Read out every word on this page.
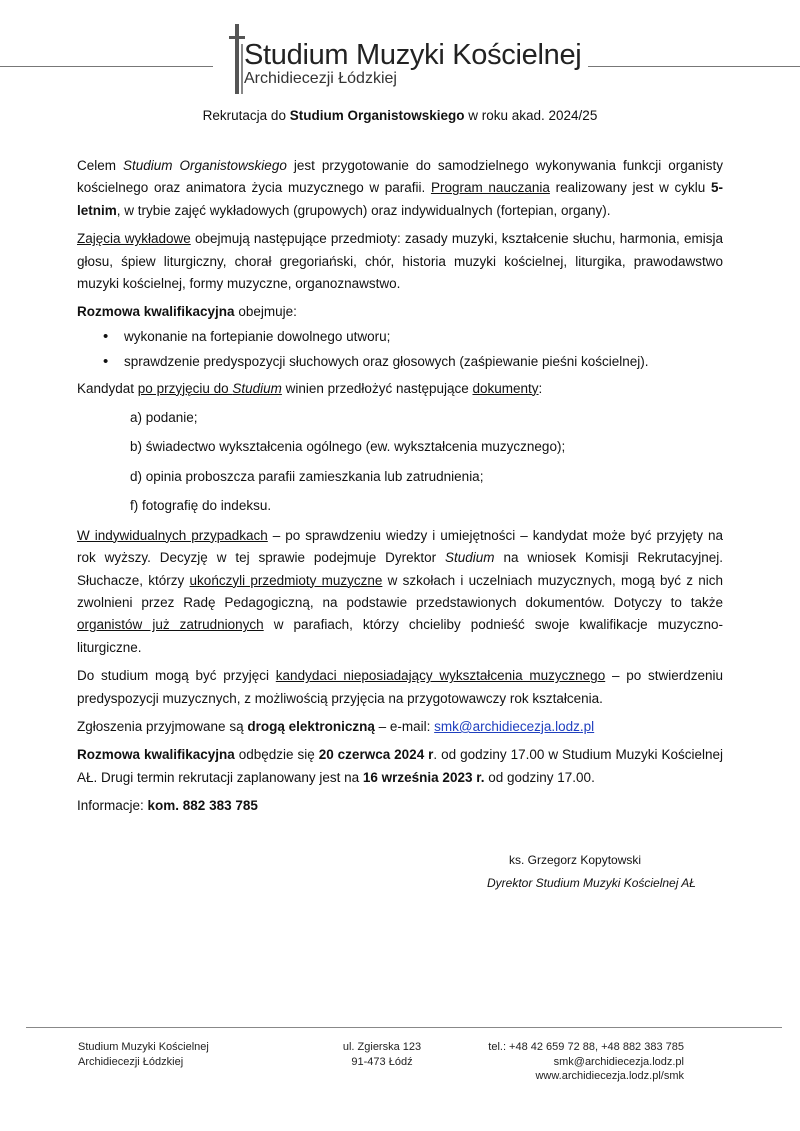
Studium Muzyki Kościelnej
Archidiecezji Łódzkiej
Rekrutacja do Studium Organistowskiego w roku akad. 2024/25

Celem Studium Organistowskiego jest przygotowanie do samodzielnego wykonywania funkcji organisty kościelnego oraz animatora życia muzycznego w parafii. Program nauczania realizowany jest w cyklu 5-letnim, w trybie zajęć wykładowych (grupowych) oraz indywidualnych (fortepian, organy).

Zajęcia wykładowe obejmują następujące przedmioty: zasady muzyki, kształcenie słuchu, harmonia, emisja głosu, śpiew liturgiczny, chorał gregoriański, chór, historia muzyki kościelnej, liturgika, prawodawstwo muzyki kościelnej, formy muzyczne, organoznawstwo.

Rozmowa kwalifikacyjna obejmuje:

• wykonanie na fortepianie dowolnego utworu;
• sprawdzenie predyspozycji słuchowych oraz głosowych (zaśpiewanie pieśni kościelnej).

Kandydat po przyjęciu do Studium winien przedłożyć następujące dokumenty:

a) podanie;
b) świadectwo wykształcenia ogólnego (ew. wykształcenia muzycznego);
d) opinia proboszcza parafii zamieszkania lub zatrudnienia;
f) fotografię do indeksu.

W indywidualnych przypadkach – po sprawdzeniu wiedzy i umiejętności – kandydat może być przyjęty na rok wyższy. Decyzję w tej sprawie podejmuje Dyrektor Studium na wniosek Komisji Rekrutacyjnej. Słuchacze, którzy ukończyli przedmioty muzyczne w szkołach i uczelniach muzycznych, mogą być z nich zwolnieni przez Radę Pedagogiczną, na podstawie przedstawionych dokumentów. Dotyczy to także organistów już zatrudnionych w parafiach, którzy chcieliby podnieść swoje kwalifikacje muzyczno-liturgiczne.

Do studium mogą być przyjęci kandydaci nieposiadający wykształcenia muzycznego – po stwierdzeniu predyspozycji muzycznych, z możliwością przyjęcia na przygotowawczy rok kształcenia.

Zgłoszenia przyjmowane są drogą elektroniczną – e-mail: smk@archidiecezja.lodz.pl

Rozmowa kwalifikacyjna odbędzie się 20 czerwca 2024 r. od godziny 17.00 w Studium Muzyki Kościelnej AŁ. Drugi termin rekrutacji zaplanowany jest na 16 września 2023 r. od godziny 17.00.

Informacje: kom. 882 383 785

ks. Grzegorz Kopytowski
Dyrektor Studium Muzyki Kościelnej AŁ
Studium Muzyki Kościelnej
Archidiecezji Łódzkiej
ul. Zgierska 123
91-473 Łódź
tel.: +48 42 659 72 88, +48 882 383 785
smk@archidiecezja.lodz.pl
www.archidiecezja.lodz.pl/smk
